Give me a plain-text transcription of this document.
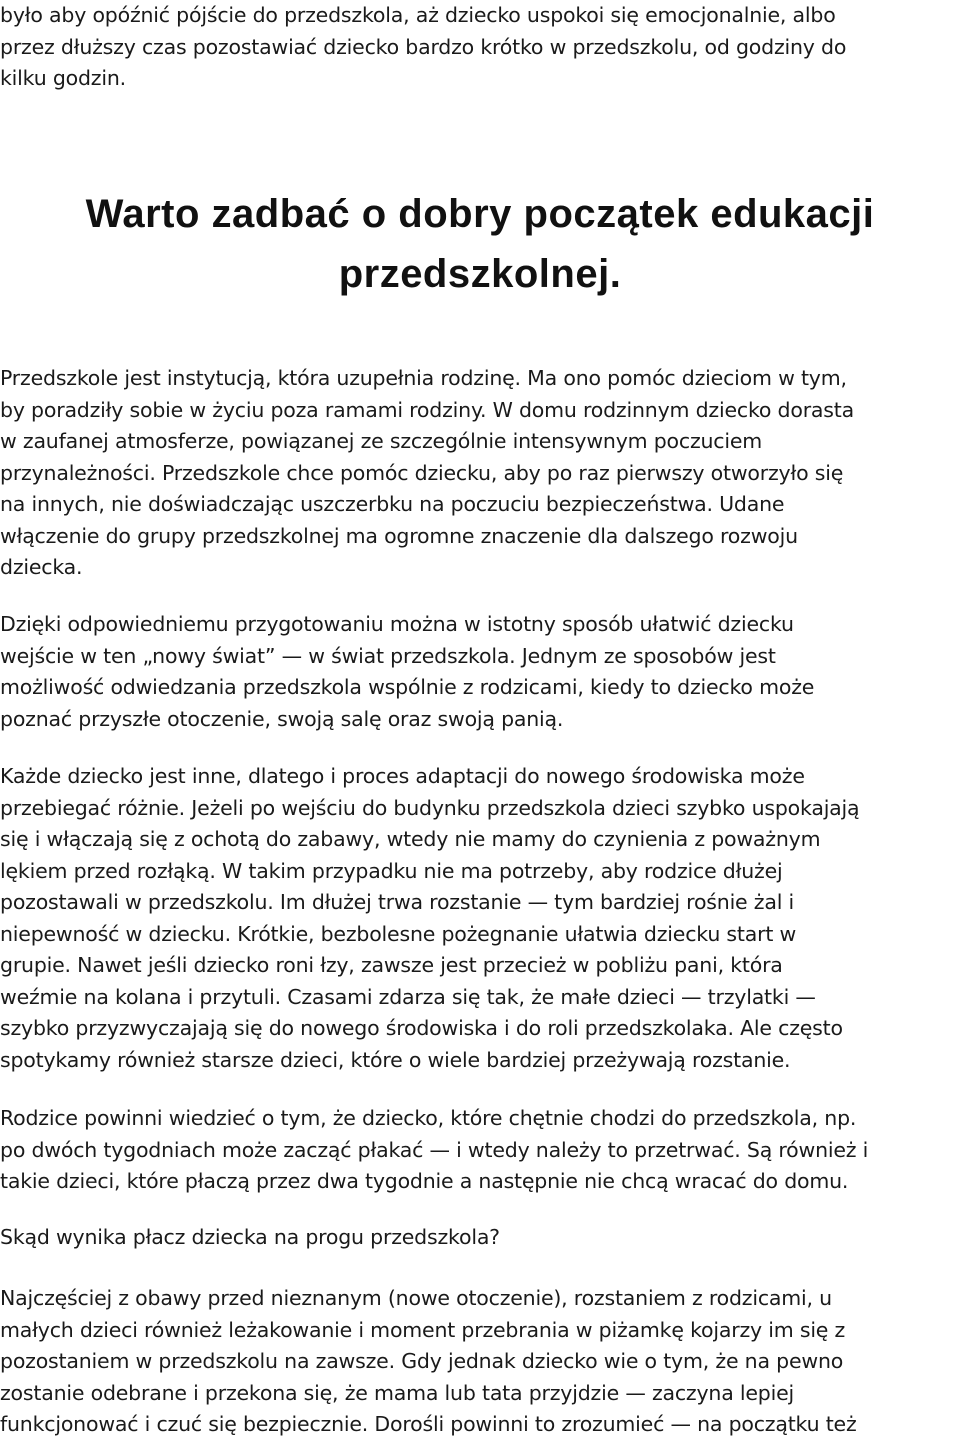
było aby opóźnić pójście do przedszkola, aż dziecko uspokoi się emocjonalnie, albo
przez dłuższy czas pozostawiać dziecko bardzo krótko w przedszkolu, od godziny do
kilku godzin.

Warto zadbać o dobry początek edukacji
przedszkolnej.

Przedszkole jest instytucją, która uzupełnia rodzinę. Ma ono pomóc dzieciom w tym,
by poradziły sobie w życiu poza ramami rodziny. W domu rodzinnym dziecko dorasta
w zaufanej atmosferze, powiązanej ze szczególnie intensywnym poczuciem
przynależności. Przedszkole chce pomóc dziecku, aby po raz pierwszy otworzyło się
na innych, nie doświadczając uszczerbku na poczuciu bezpieczeństwa. Udane
włączenie do grupy przedszkolnej ma ogromne znaczenie dla dalszego rozwoju
dziecka.

Dzięki odpowiedniemu przygotowaniu można w istotny sposób ułatwić dziecku
wejście w ten „nowy świat” — w świat przedszkola. Jednym ze sposobów jest
możliwość odwiedzania przedszkola wspólnie z rodzicami, kiedy to dziecko może
poznać przyszłe otoczenie, swoją salę oraz swoją panią.

Każde dziecko jest inne, dlatego i proces adaptacji do nowego środowiska może
przebiegać różnie. Jeżeli po wejściu do budynku przedszkola dzieci szybko uspokajają
się i włączają się z ochotą do zabawy, wtedy nie mamy do czynienia z poważnym
lękiem przed rozłąką. W takim przypadku nie ma potrzeby, aby rodzice dłużej
pozostawali w przedszkolu. Im dłużej trwa rozstanie — tym bardziej rośnie żal i
niepewność w dziecku. Krótkie, bezbolesne pożegnanie ułatwia dziecku start w
grupie. Nawet jeśli dziecko roni łzy, zawsze jest przecież w pobliżu pani, która
weźmie na kolana i przytuli. Czasami zdarza się tak, że małe dzieci — trzylatki —
szybko przyzwyczajają się do nowego środowiska i do roli przedszkolaka. Ale często
spotykamy również starsze dzieci, które o wiele bardziej przeżywają rozstanie.

Rodzice powinni wiedzieć o tym, że dziecko, które chętnie chodzi do przedszkola, np.
po dwóch tygodniach może zacząć płakać — i wtedy należy to przetrwać. Są również i
takie dzieci, które płaczą przez dwa tygodnie a następnie nie chcą wracać do domu.

Skąd wynika płacz dziecka na progu przedszkola?

Najczęściej z obawy przed nieznanym (nowe otoczenie), rozstaniem z rodzicami, u
małych dzieci również leżakowanie i moment przebrania w piżamkę kojarzy im się z
pozostaniem w przedszkolu na zawsze. Gdy jednak dziecko wie o tym, że na pewno
zostanie odebrane i przekona się, że mama lub tata przyjdzie — zaczyna lepiej
funkcjonować i czuć się bezpiecznie. Dorośli powinni to zrozumieć — na początku też
